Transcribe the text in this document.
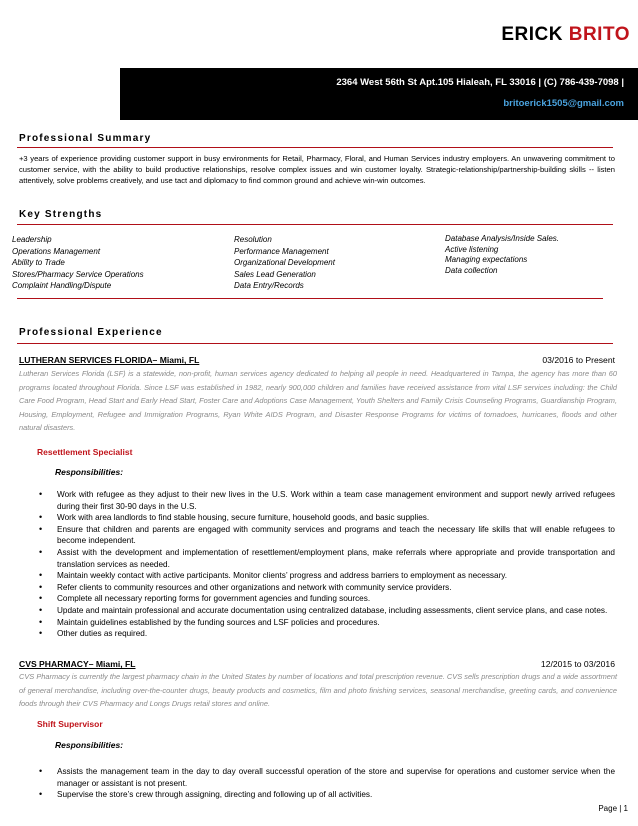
ERICK BRITO
2364 West 56th St Apt.105 Hialeah, FL 33016 | (C) 786-439-7098 |
britoerick1505@gmail.com
Professional Summary
+3 years of experience providing customer support in busy environments for Retail, Pharmacy, Floral, and Human Services industry employers. An unwavering commitment to customer service, with the ability to build productive relationships, resolve complex issues and win customer loyalty. Strategic-relationship/partnership-building skills -- listen attentively, solve problems creatively, and use tact and diplomacy to find common ground and achieve win-win outcomes.
Key Strengths
Leadership
Operations Management
Ability to Trade
Stores/Pharmacy Service Operations
Complaint Handling/Dispute
Resolution
Performance Management
Organizational Development
Sales Lead Generation
Data Entry/Records
Database Analysis/Inside Sales.
Active listening
Managing expectations
Data collection
Professional Experience
LUTHERAN SERVICES FLORIDA– Miami, FL	03/2016 to Present
Lutheran Services Florida (LSF) is a statewide, non-profit, human services agency dedicated to helping all people in need. Headquartered in Tampa, the agency has more than 60 programs located throughout Florida. Since LSF was established in 1982, nearly 900,000 children and families have received assistance from vital LSF services including: the Child Care Food Program, Head Start and Early Head Start, Foster Care and Adoptions Case Management, Youth Shelters and Family Crisis Counseling Programs, Guardianship Program, Housing, Employment, Refugee and Immigration Programs, Ryan White AIDS Program, and Disaster Response Programs for victims of tornadoes, hurricanes, floods and other natural disasters.
Resettlement Specialist
Responsibilities:
• Work with refugee as they adjust to their new lives in the U.S. Work within a team case management environment and support newly arrived refugees during their first 30-90 days in the U.S.
• Work with area landlords to find stable housing, secure furniture, household goods, and basic supplies.
• Ensure that children and parents are engaged with community services and programs and teach the necessary life skills that will enable refugees to become independent.
• Assist with the development and implementation of resettlement/employment plans, make referrals where appropriate and provide transportation and translation services as needed.
• Maintain weekly contact with active participants. Monitor clients’ progress and address barriers to employment as necessary.
• Refer clients to community resources and other organizations and network with community service providers.
• Complete all necessary reporting forms for government agencies and funding sources.
• Update and maintain professional and accurate documentation using centralized database, including assessments, client service plans, and case notes.
• Maintain guidelines established by the funding sources and LSF policies and procedures.
• Other duties as required.
CVS PHARMACY– Miami, FL	12/2015 to 03/2016
CVS Pharmacy is currently the largest pharmacy chain in the United States by number of locations and total prescription revenue. CVS sells prescription drugs and a wide assortment of general merchandise, including over-the-counter drugs, beauty products and cosmetics, film and photo finishing services, seasonal merchandise, greeting cards, and convenience foods through their CVS Pharmacy and Longs Drugs retail stores and online.
Shift Supervisor
Responsibilities:
• Assists the management team in the day to day overall successful operation of the store and supervise for operations and customer service when the manager or assistant is not present.
• Supervise the store’s crew through assigning, directing and following up of all activities.
Page | 1
